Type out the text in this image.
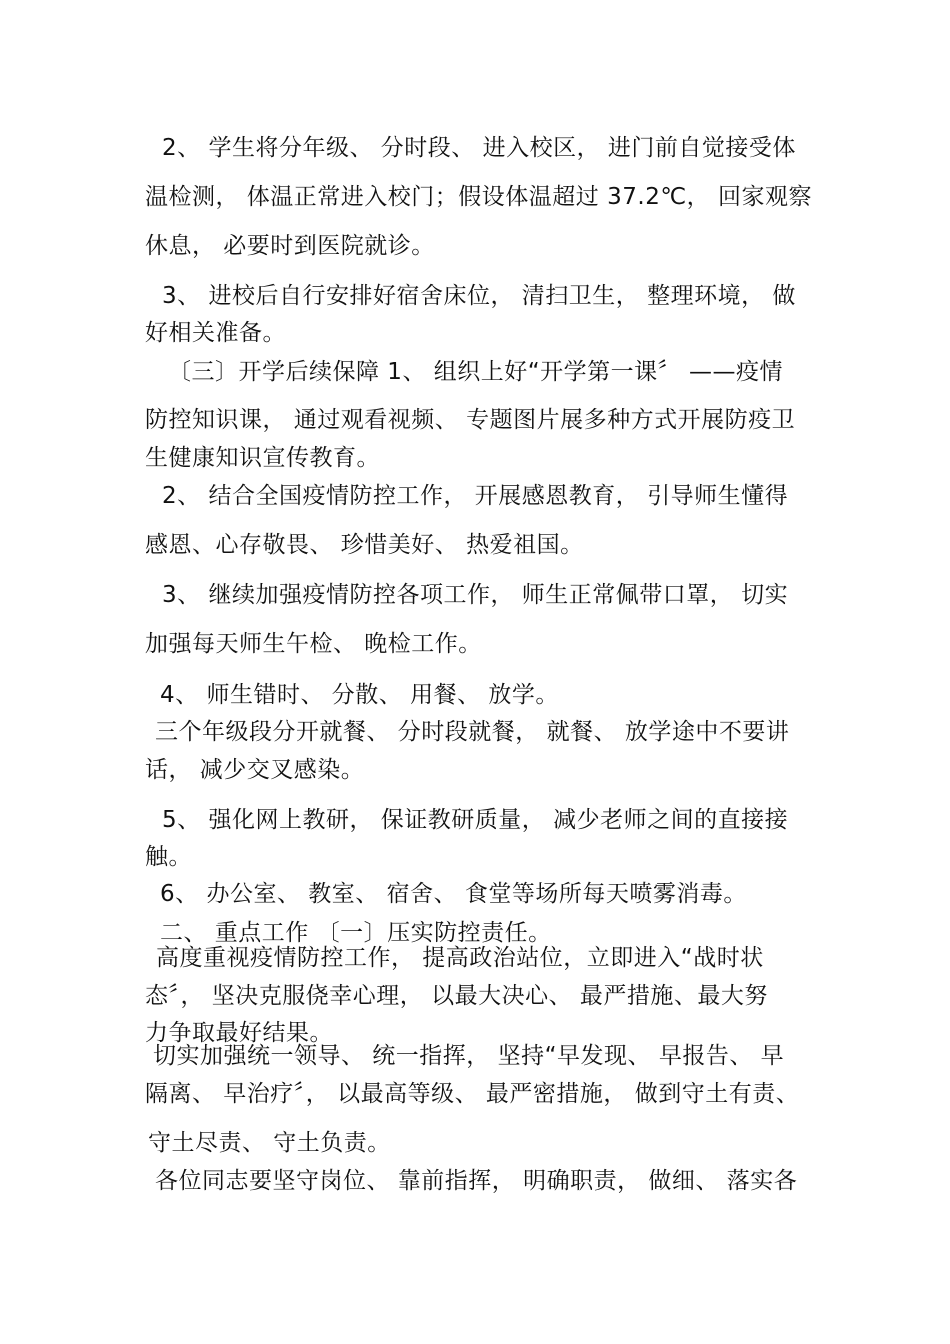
2、 学生将分年级、 分时段、 进入校区， 进门前自觉接受体

温检测， 体温正常进入校门；假设体温超过 37.2℃， 回家观察

休息， 必要时到医院就诊。

3、 进校后自行安排好宿舍床位， 清扫卫生， 整理环境， 做

好相关准备。

〔三〕开学后续保障 1、 组织上好“开学第一课〞 ——疫情

防控知识课， 通过观看视频、 专题图片展多种方式开展防疫卫

生健康知识宣传教育。

2、 结合全国疫情防控工作， 开展感恩教育， 引导师生懂得

感恩、心存敬畏、 珍惜美好、 热爱祖国。

3、 继续加强疫情防控各项工作， 师生正常佩带口罩， 切实

加强每天师生午检、 晚检工作。

4、 师生错时、 分散、 用餐、 放学。

三个年级段分开就餐、 分时段就餐， 就餐、 放学途中不要讲

话， 减少交叉感染。

5、 强化网上教研， 保证教研质量， 减少老师之间的直接接

触。

6、 办公室、 教室、 宿舍、 食堂等场所每天喷雾消毒。

二、 重点工作 〔一〕压实防控责任。

高度重视疫情防控工作， 提高政治站位，立即进入“战时状

态〞， 坚决克服侥幸心理， 以最大决心、 最严措施、最大努

力争取最好结果。

切实加强统一领导、 统一指挥， 坚持“早发现、 早报告、 早

隔离、 早治疗〞， 以最高等级、 最严密措施， 做到守土有责、

守土尽责、 守土负责。

各位同志要坚守岗位、 靠前指挥， 明确职责， 做细、 落实各
